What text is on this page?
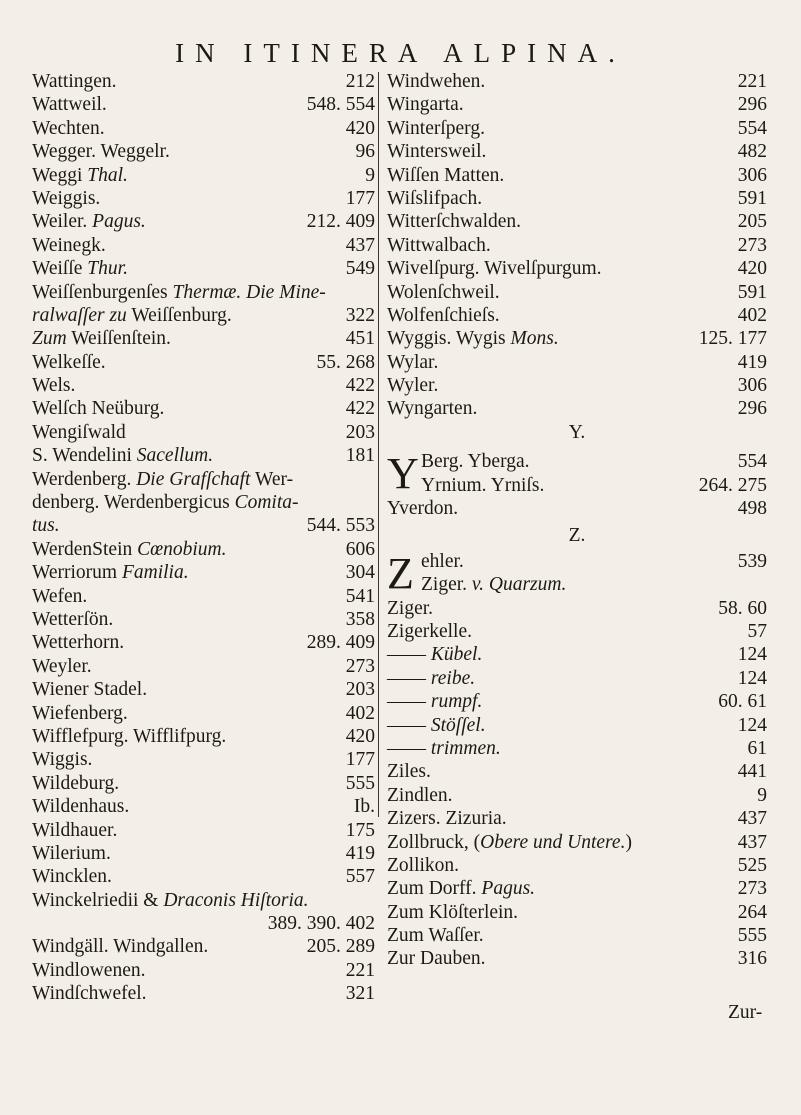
IN ITINERA ALPINA.
Wattingen.	212
Wattweil.	548. 554
Wechten.	420
Wegger. Weggelr.	96
Weggi Thal.	9
Weiggis.	177
Weiler. Pagus.	212. 409
Weinegk.	437
Weiſſe Thur.	549
Weiſſenburgenſes Thermæ. Die Mine-
ralwaſſer zu Weiſſenburg.	322
Zum Weiſſenſtein.	451
Welkeſſe.	55. 268
Wels.	422
Welſch Neüburg.	422
Wengiſwald	203
S. Wendelini Sacellum.	181
Werdenberg. Die Grafſchaft Wer-
denberg. Werdenbergicus Comita-
tus.	544. 553
WerdenStein Cœnobium.	606
Werriorum Familia.	304
Wefen.	541
Wetterſön.	358
Wetterhorn.	289. 409
Weyler.	273
Wiener Stadel.	203
Wiefenberg.	402
Wifflefpurg. Wifflifpurg.	420
Wiggis.	177
Wildeburg.	555
Wildenhaus.	Ib.
Wildhauer.	175
Wilerium.	419
Wincklen.	557
Winckelriedii & Draconis Hiſtoria.
389. 390. 402
Windgäll. Windgallen.	205. 289
Windlowenen.	221
Windſchwefel.	321
Windwehen.	221
Wingarta.	296
Winterſperg.	554
Wintersweil.	482
Wiſſen Matten.	306
Wiſslifpach.	591
Witterſchwalden.	205
Wittwalbach.	273
Wivelſpurg. Wivelſpurgum.	420
Wolenſchweil.	591
Wolfenſchieſs.	402
Wyggis. Wygis Mons.	125. 177
Wylar.	419
Wyler.	306
Wyngarten.	296
Y.
Y Berg. Yberga.	554
Yrnium. Yrniſs.	264. 275
Yverdon.	498
Z.
Z ehler.	539
Ziger. v. Quarzum.
Ziger.	58. 60
Zigerkelle.	57
—— Kübel.	124
—— reibe.	124
—— rumpf.	60. 61
—— Stöſſel.	124
—— trimmen.	61
Ziles.	441
Zindlen.	9
Zizers. Zizuria.	437
Zollbruck, (Obere und Untere.)	437
Zollikon.	525
Zum Dorff. Pagus.	273
Zum Klöſterlein.	264
Zum Waſſer.	555
Zur Dauben.	316
Zur-
